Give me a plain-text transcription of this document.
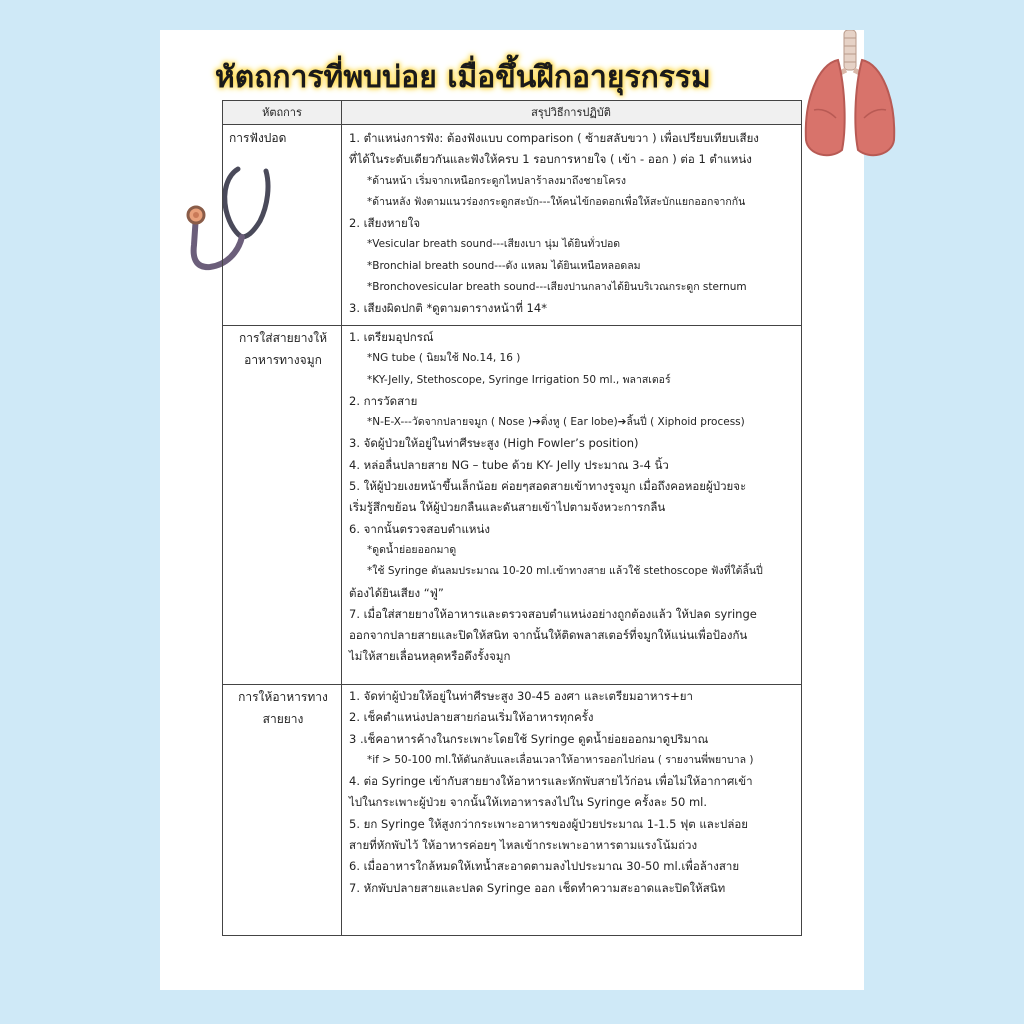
หัตถการที่พบบ่อย เมื่อขึ้นฝึกอายุรกรรม
หัตถการ	สรุปวิธีการปฏิบัติ
การฟังปอด	1. ตำแหน่งการฟัง: ต้องฟังแบบ comparison ( ซ้ายสลับขวา ) เพื่อเปรียบเทียบเสียง
ที่ได้ในระดับเดียวกันและฟังให้ครบ 1 รอบการหายใจ ( เข้า - ออก ) ต่อ 1 ตำแหน่ง
*ด้านหน้า เริ่มจากเหนือกระดูกไหปลาร้าลงมาถึงชายโครง
*ด้านหลัง ฟังตามแนวร่องกระดูกสะบัก---ให้คนไข้กอดอกเพื่อให้สะบักแยกออกจากกัน
2. เสียงหายใจ
*Vesicular breath sound---เสียงเบา นุ่ม ได้ยินทั่วปอด
*Bronchial breath sound---ดัง แหลม ได้ยินเหนือหลอดลม
*Bronchovesicular breath sound---เสียงปานกลางได้ยินบริเวณกระดูก sternum
3. เสียงผิดปกติ *ดูตามตารางหน้าที่ 14*
การใส่สายยางให้อาหารทางจมูก
1. เตรียมอุปกรณ์
*NG tube ( นิยมใช้ No.14, 16 )
*KY-Jelly, Stethoscope, Syringe Irrigation 50 ml., พลาสเตอร์
2. การวัดสาย
*N-E-X---วัดจากปลายจมูก ( Nose )➔ติ่งหู ( Ear lobe)➔ลิ้นปี่ ( Xiphoid process)
3. จัดผู้ป่วยให้อยู่ในท่าศีรษะสูง (High Fowler’s position)
4. หล่อลื่นปลายสาย NG – tube ด้วย KY- Jelly ประมาณ 3-4 นิ้ว
5. ให้ผู้ป่วยเงยหน้าขึ้นเล็กน้อย ค่อยๆสอดสายเข้าทางรูจมูก เมื่อถึงคอหอยผู้ป่วยจะ
เริ่มรู้สึกขย้อน ให้ผู้ป่วยกลืนและดันสายเข้าไปตามจังหวะการกลืน
6. จากนั้นตรวจสอบตำแหน่ง
*ดูดน้ำย่อยออกมาดู
*ใช้ Syringe ดันลมประมาณ 10-20 ml.เข้าทางสาย แล้วใช้ stethoscope ฟังที่ใต้ลิ้นปี่
ต้องได้ยินเสียง “ฟู่”
7. เมื่อใส่สายยางให้อาหารและตรวจสอบตำแหน่งอย่างถูกต้องแล้ว ให้ปลด syringe
ออกจากปลายสายและปิดให้สนิท จากนั้นให้ติดพลาสเตอร์ที่จมูกให้แน่นเพื่อป้องกัน
ไม่ให้สายเลื่อนหลุดหรือดึงรั้งจมูก
การให้อาหารทางสายยาง
1. จัดท่าผู้ป่วยให้อยู่ในท่าศีรษะสูง 30-45 องศา และเตรียมอาหาร+ยา
2. เช็คตำแหน่งปลายสายก่อนเริ่มให้อาหารทุกครั้ง
3 .เช็คอาหารค้างในกระเพาะโดยใช้ Syringe ดูดน้ำย่อยออกมาดูปริมาณ
*if > 50-100 ml.ให้ดันกลับและเลื่อนเวลาให้อาหารออกไปก่อน ( รายงานพี่พยาบาล )
4. ต่อ Syringe เข้ากับสายยางให้อาหารและหักพับสายไว้ก่อน เพื่อไม่ให้อากาศเข้า
ไปในกระเพาะผู้ป่วย จากนั้นให้เทอาหารลงไปใน Syringe ครั้งละ 50 ml.
5. ยก Syringe ให้สูงกว่ากระเพาะอาหารของผู้ป่วยประมาณ 1-1.5 ฟุต และปล่อย
สายที่หักพับไว้ ให้อาหารค่อยๆ ไหลเข้ากระเพาะอาหารตามแรงโน้มถ่วง
6. เมื่ออาหารใกล้หมดให้เทน้ำสะอาดตามลงไปประมาณ 30-50 ml.เพื่อล้างสาย
7. หักพับปลายสายและปลด Syringe ออก เช็ดทำความสะอาดและปิดให้สนิท
